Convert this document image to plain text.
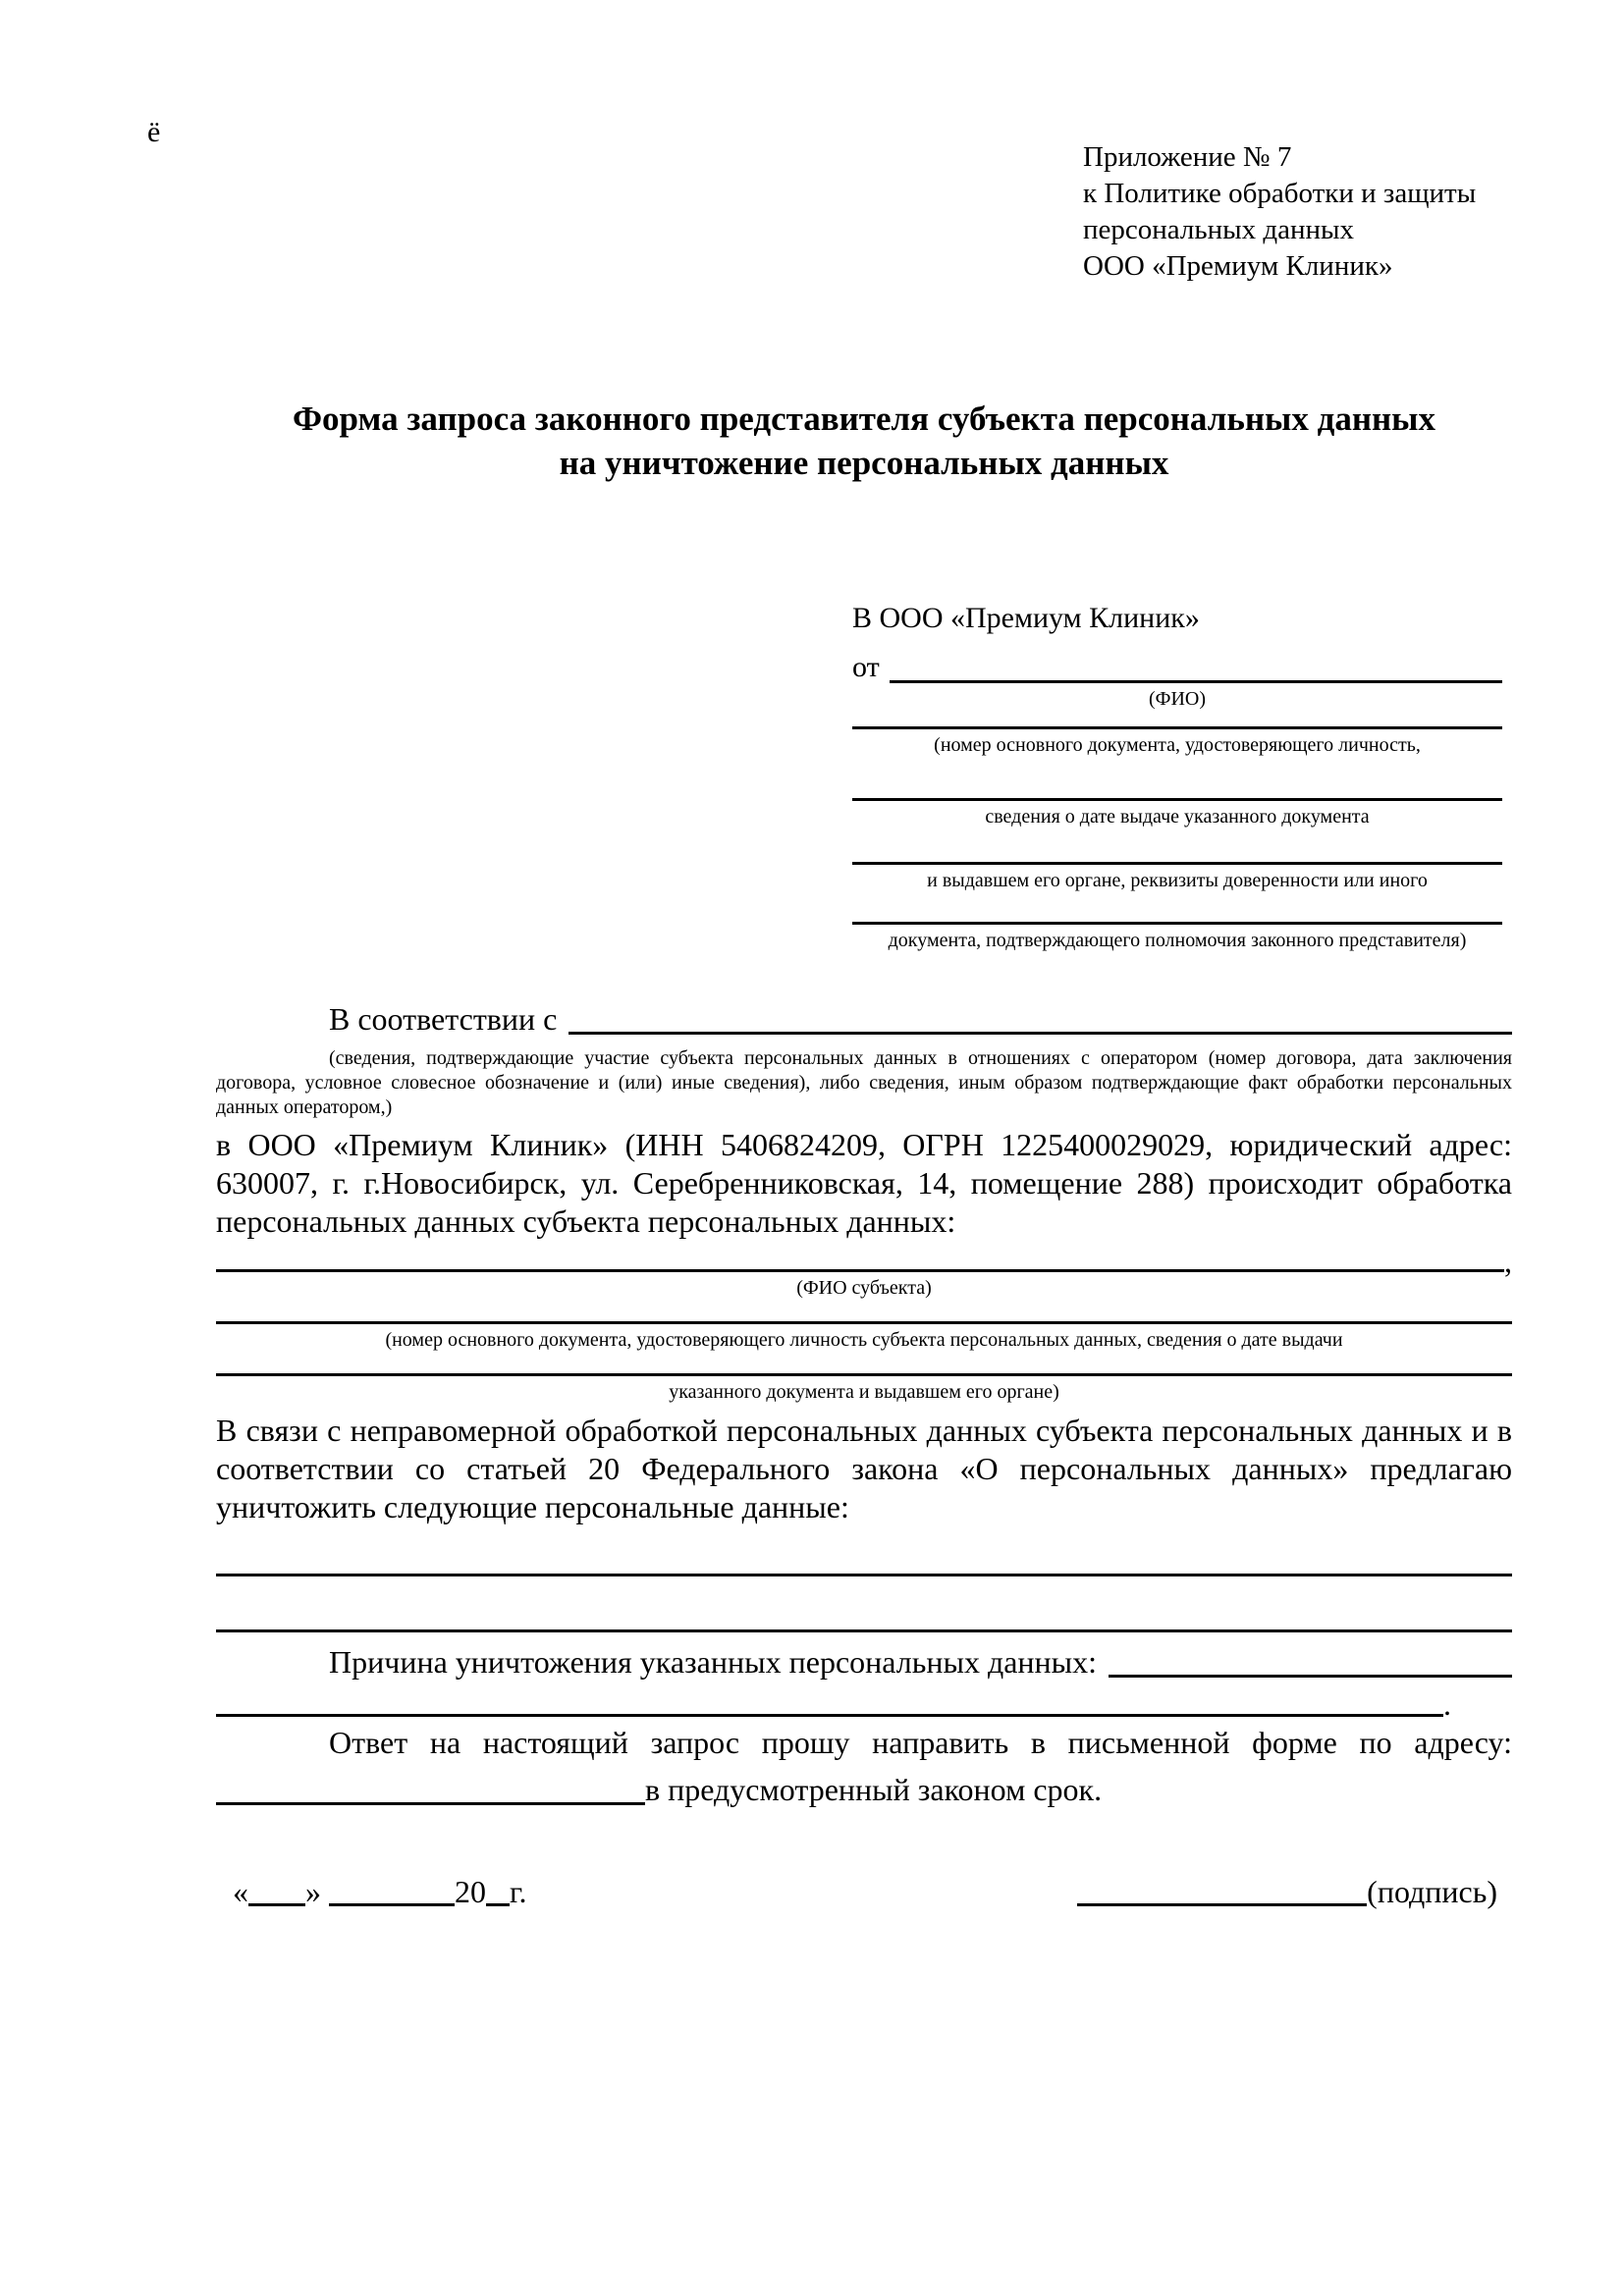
ё
Приложение № 7
к Политике обработки и защиты
персональных данных
ООО «Премиум Клиник»
Форма запроса законного представителя субъекта персональных данных
на уничтожение персональных данных
В ООО «Премиум Клиник»
от
(ФИО)
(номер основного документа, удостоверяющего личность,
сведения о дате выдаче указанного документа
и выдавшем его органе, реквизиты доверенности или иного
документа, подтверждающего полномочия законного представителя)
В соответствии с
(сведения, подтверждающие участие субъекта персональных данных в отношениях с оператором (номер договора, дата заключения договора, условное словесное обозначение и (или) иные сведения), либо сведения, иным образом подтверждающие факт обработки персональных данных оператором,)
в ООО «Премиум Клиник» (ИНН 5406824209, ОГРН 1225400029029, юридический адрес: 630007, г. г.Новосибирск, ул. Серебренниковская, 14, помещение 288) происходит обработка персональных данных субъекта персональных данных:
,
(ФИО субъекта)
(номер основного документа, удостоверяющего личность субъекта персональных данных, сведения о дате выдачи
указанного документа и выдавшем его органе)
В связи с неправомерной обработкой персональных данных субъекта персональных данных и в соответствии со статьей 20 Федерального закона «О персональных данных» предлагаю уничтожить следующие персональные данные:
Причина уничтожения указанных персональных данных:
.
Ответ на настоящий запрос прошу направить в письменной форме по адресу:
в предусмотренный законом срок.
« »	20 г.	(подпись)
